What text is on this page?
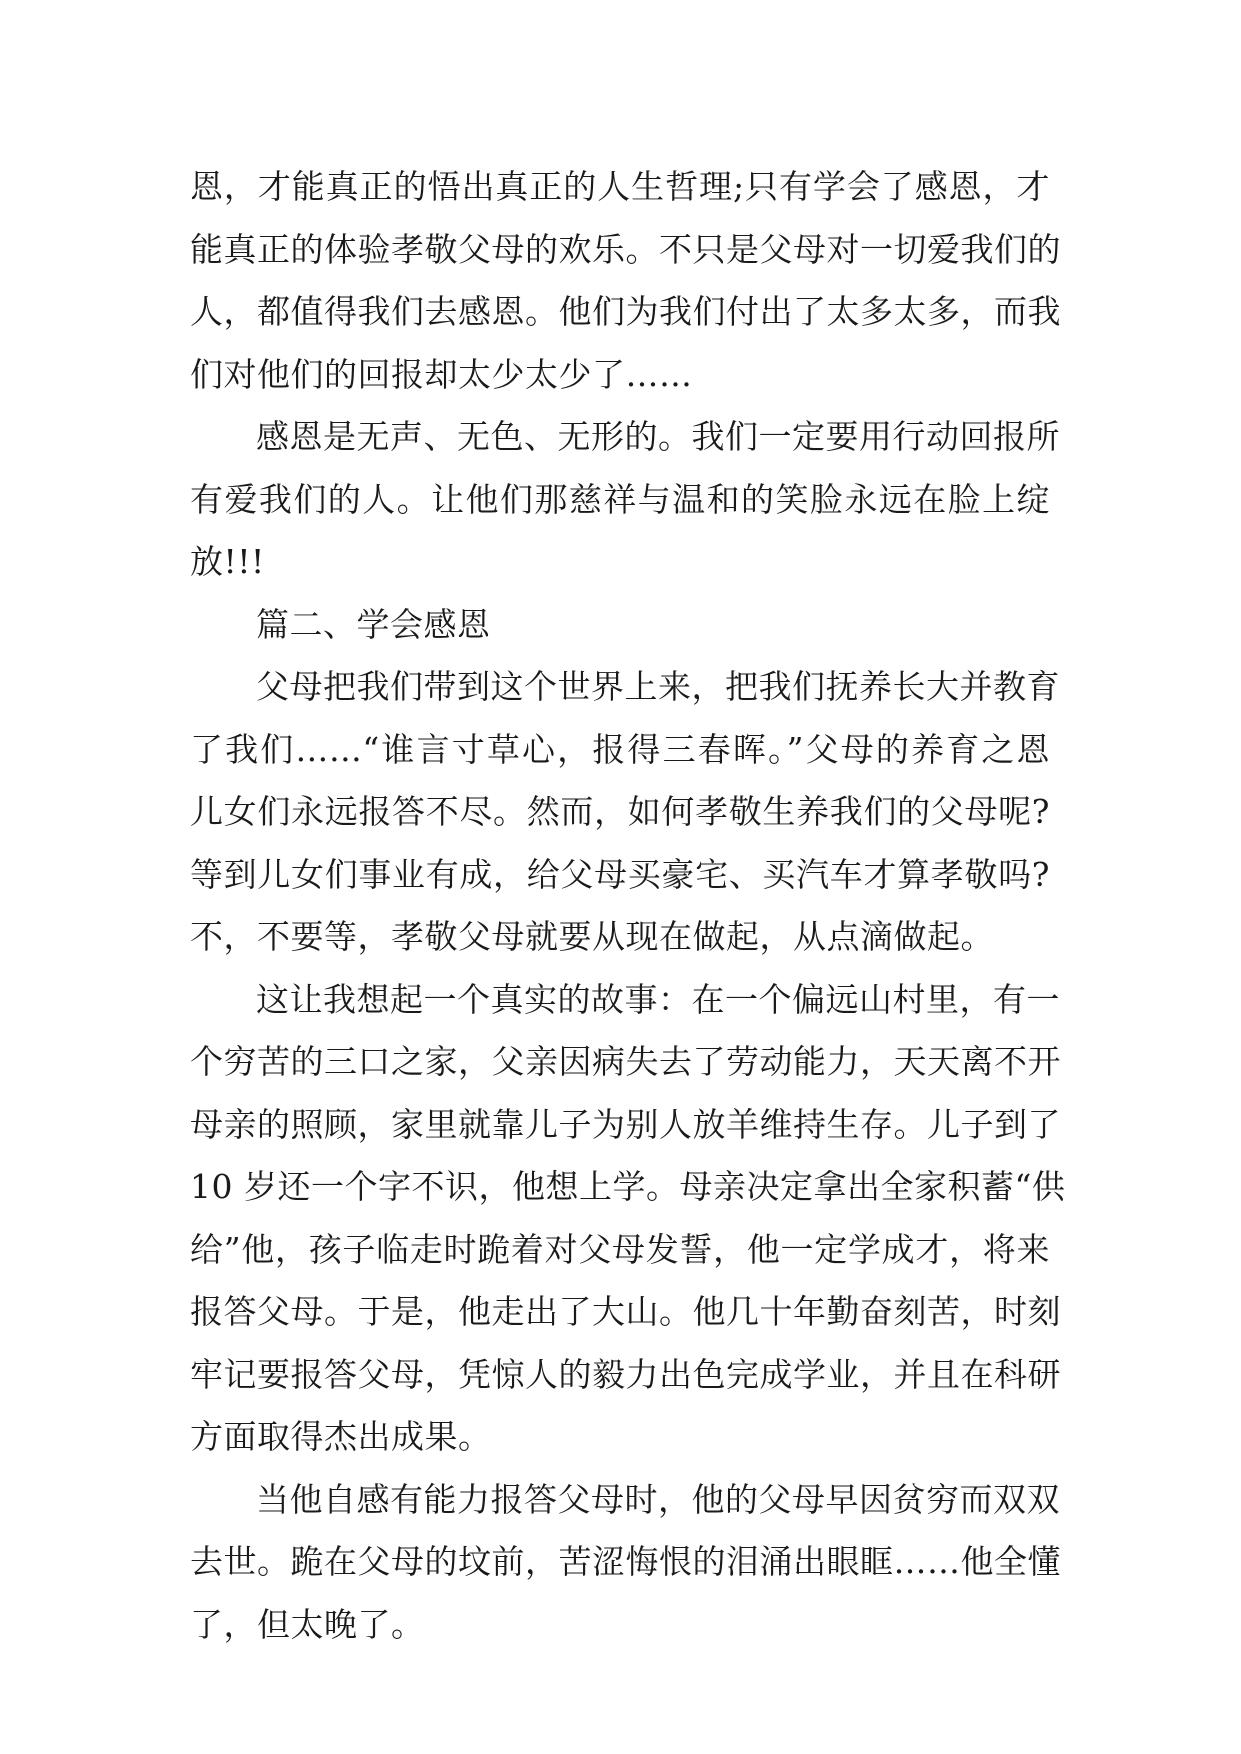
恩，才能真正的悟出真正的人生哲理;只有学会了感恩，才
能真正的体验孝敬父母的欢乐。不只是父母对一切爱我们的
人，都值得我们去感恩。他们为我们付出了太多太多，而我
们对他们的回报却太少太少了……

感恩是无声、无色、无形的。我们一定要用行动回报所
有爱我们的人。让他们那慈祥与温和的笑脸永远在脸上绽
放!!!

篇二、学会感恩

父母把我们带到这个世界上来，把我们抚养长大并教育
了我们……“谁言寸草心，报得三春晖。”父母的养育之恩
儿女们永远报答不尽。然而，如何孝敬生养我们的父母呢?
等到儿女们事业有成，给父母买豪宅、买汽车才算孝敬吗?
不，不要等，孝敬父母就要从现在做起，从点滴做起。

这让我想起一个真实的故事：在一个偏远山村里，有一
个穷苦的三口之家，父亲因病失去了劳动能力，天天离不开
母亲的照顾，家里就靠儿子为别人放羊维持生存。儿子到了
10 岁还一个字不识，他想上学。母亲决定拿出全家积蓄“供
给”他，孩子临走时跪着对父母发誓，他一定学成才，将来
报答父母。于是，他走出了大山。他几十年勤奋刻苦，时刻
牢记要报答父母，凭惊人的毅力出色完成学业，并且在科研
方面取得杰出成果。

当他自感有能力报答父母时，他的父母早因贫穷而双双
去世。跪在父母的坟前，苦涩悔恨的泪涌出眼眶……他全懂
了，但太晚了。
